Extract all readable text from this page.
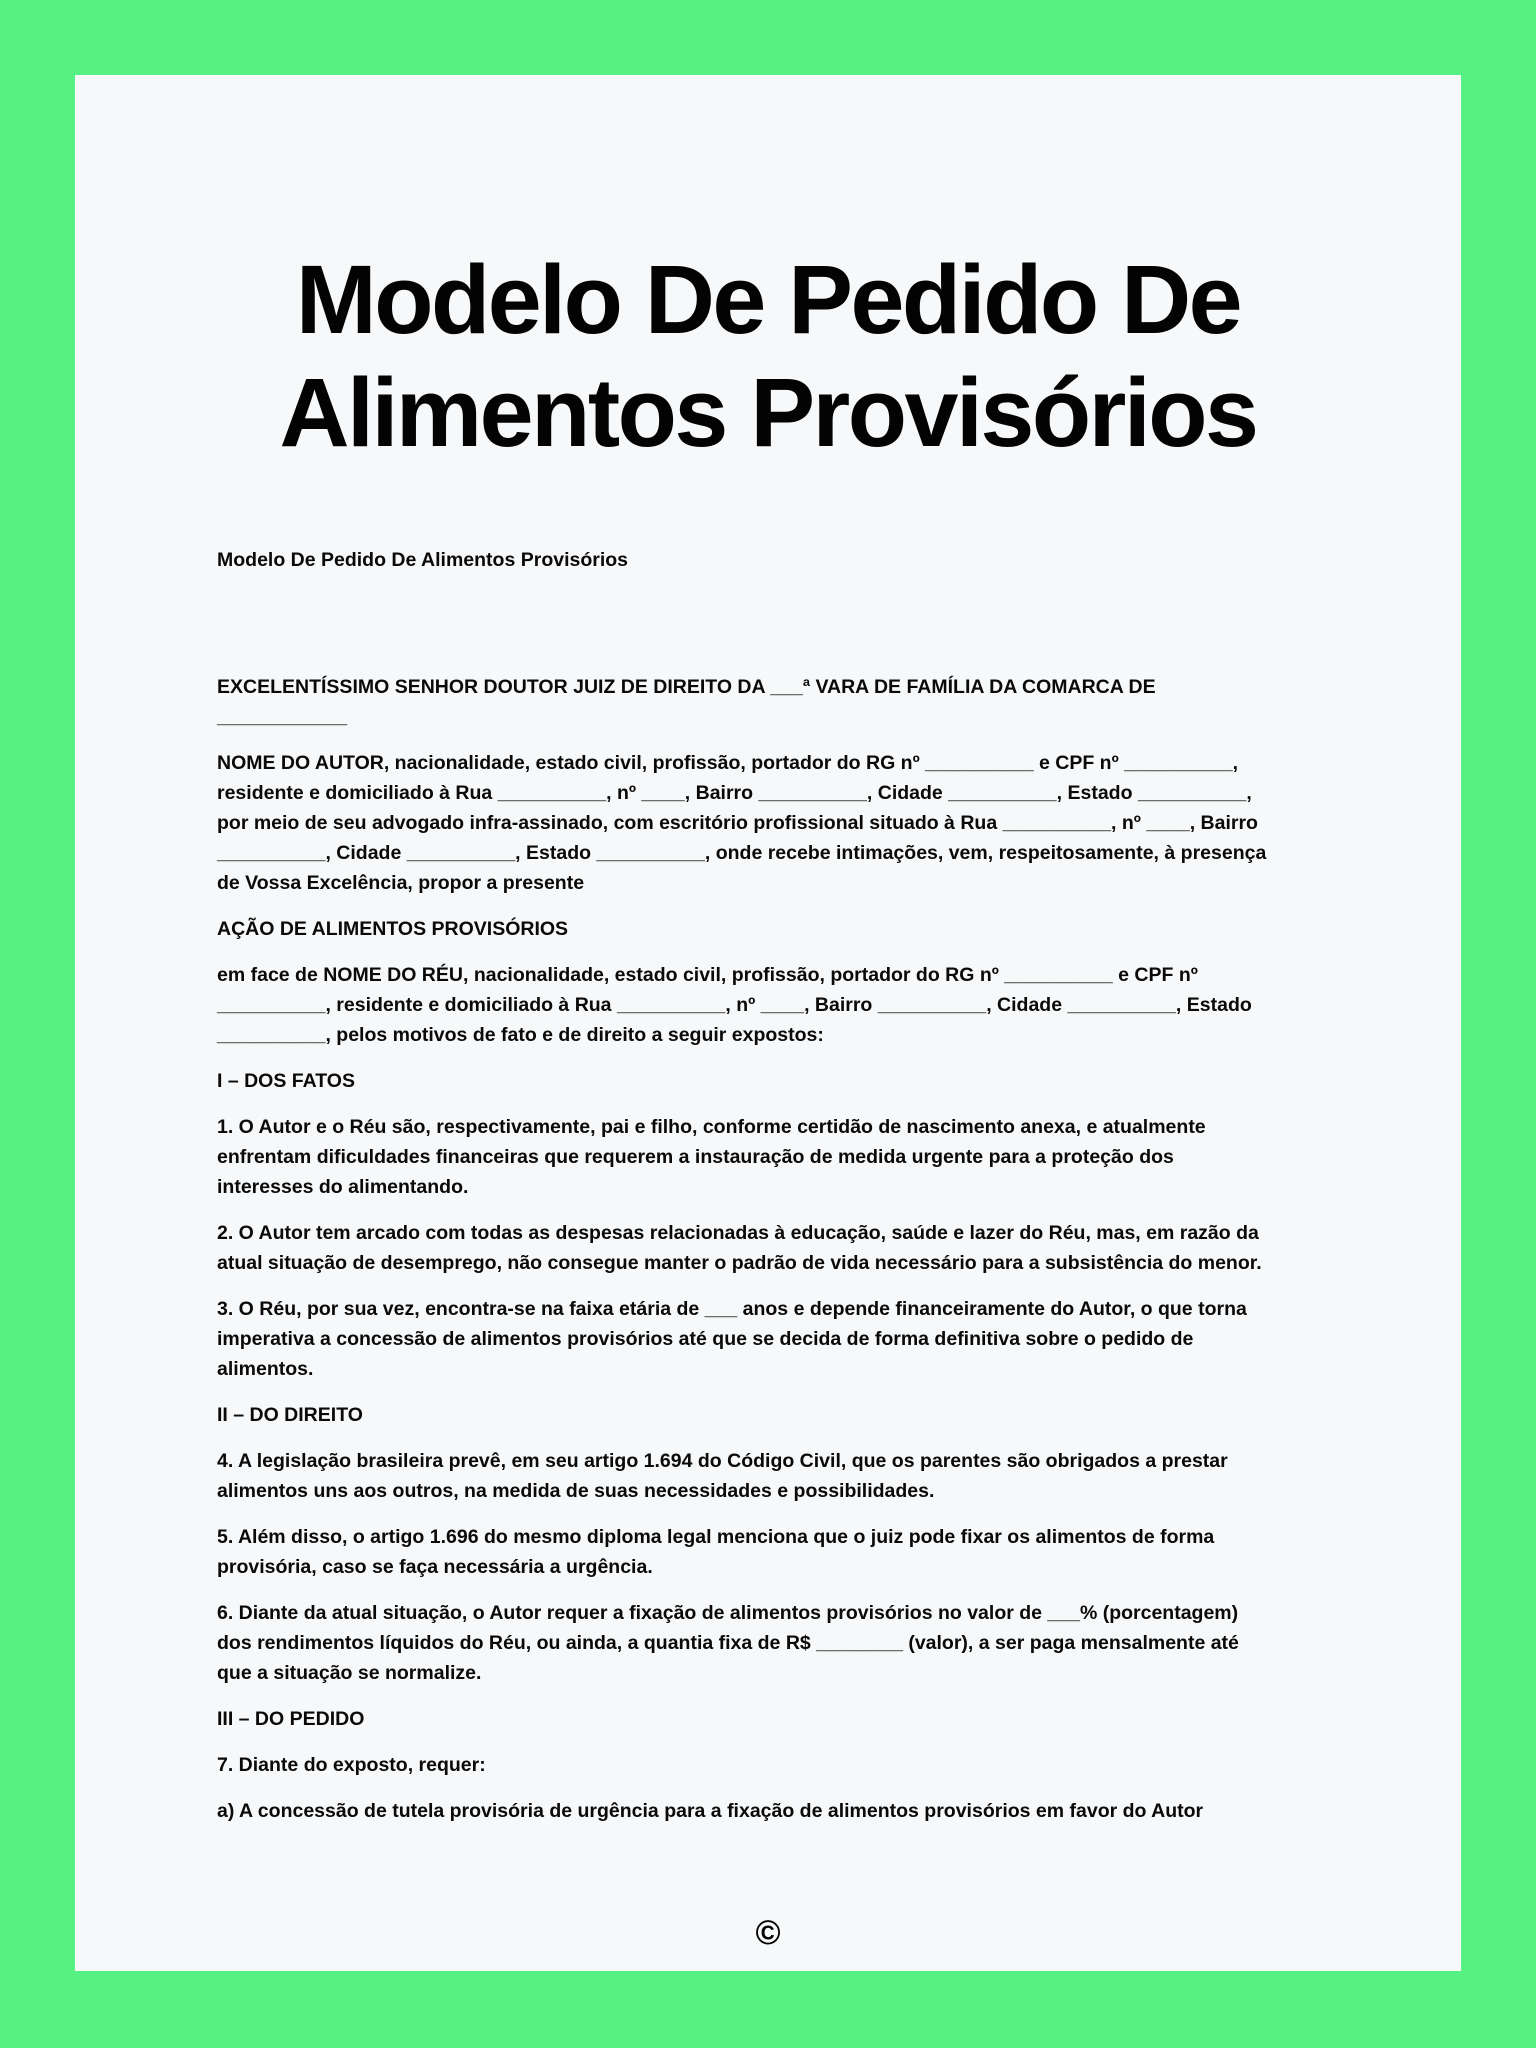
Modelo De Pedido De
Alimentos Provisórios
Modelo De Pedido De Alimentos Provisórios

EXCELENTÍSSIMO SENHOR DOUTOR JUIZ DE DIREITO DA ___ª VARA DE FAMÍLIA DA COMARCA DE ____________

NOME DO AUTOR, nacionalidade, estado civil, profissão, portador do RG nº __________ e CPF nº __________, residente e domiciliado à Rua __________, nº ____, Bairro __________, Cidade __________, Estado __________, por meio de seu advogado infra-assinado, com escritório profissional situado à Rua __________, nº ____, Bairro __________, Cidade __________, Estado __________, onde recebe intimações, vem, respeitosamente, à presença de Vossa Excelência, propor a presente

AÇÃO DE ALIMENTOS PROVISÓRIOS

em face de NOME DO RÉU, nacionalidade, estado civil, profissão, portador do RG nº __________ e CPF nº __________, residente e domiciliado à Rua __________, nº ____, Bairro __________, Cidade __________, Estado __________, pelos motivos de fato e de direito a seguir expostos:

I – DOS FATOS

1. O Autor e o Réu são, respectivamente, pai e filho, conforme certidão de nascimento anexa, e atualmente enfrentam dificuldades financeiras que requerem a instauração de medida urgente para a proteção dos interesses do alimentando.

2. O Autor tem arcado com todas as despesas relacionadas à educação, saúde e lazer do Réu, mas, em razão da atual situação de desemprego, não consegue manter o padrão de vida necessário para a subsistência do menor.

3. O Réu, por sua vez, encontra-se na faixa etária de ___ anos e depende financeiramente do Autor, o que torna imperativa a concessão de alimentos provisórios até que se decida de forma definitiva sobre o pedido de alimentos.

II – DO DIREITO

4. A legislação brasileira prevê, em seu artigo 1.694 do Código Civil, que os parentes são obrigados a prestar alimentos uns aos outros, na medida de suas necessidades e possibilidades.

5. Além disso, o artigo 1.696 do mesmo diploma legal menciona que o juiz pode fixar os alimentos de forma provisória, caso se faça necessária a urgência.

6. Diante da atual situação, o Autor requer a fixação de alimentos provisórios no valor de ___% (porcentagem) dos rendimentos líquidos do Réu, ou ainda, a quantia fixa de R$ ________ (valor), a ser paga mensalmente até que a situação se normalize.

III – DO PEDIDO

7. Diante do exposto, requer:

a) A concessão de tutela provisória de urgência para a fixação de alimentos provisórios em favor do Autor

©
